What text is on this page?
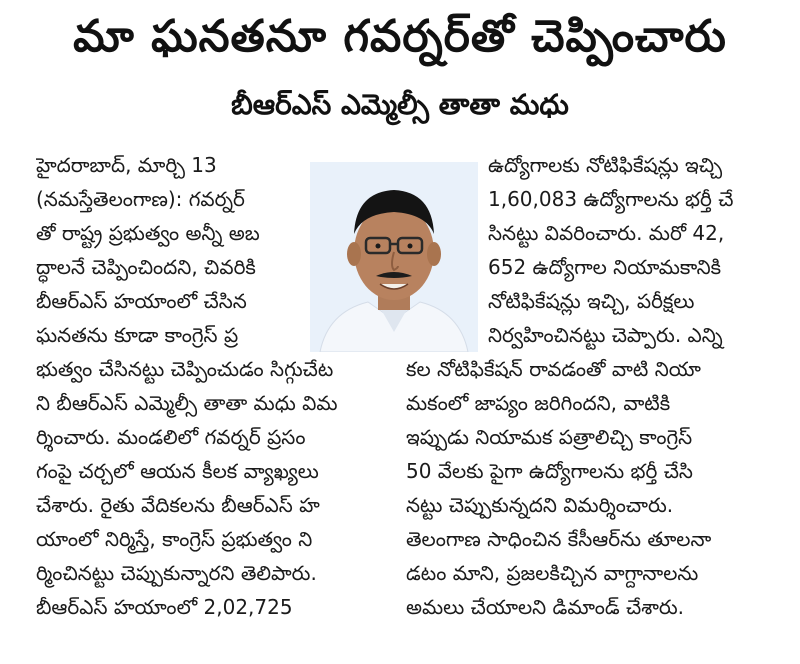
మా ఘనతనూ గవర్నర్‌తో చెప్పించారు
బీఆర్‌ఎస్‌ ఎమ్మెల్సీ తాతా మధు
హైదరాబాద్‌, మార్చి 13
(నమస్తేతెలంగాణ): గవర్నర్‌
తో రాష్ట్ర ప్రభుత్వం అన్నీ అబ
ద్ధాలనే చెప్పించిందని, చివరికి
బీఆర్‌ఎస్‌ హయాంలో చేసిన
ఘనతను కూడా కాంగ్రెస్‌ ప్ర
భుత్వం చేసినట్టు చెప్పించుడం సిగ్గుచేట
ని బీఆర్‌ఎస్‌ ఎమ్మెల్సీ తాతా మధు విమ
ర్శించారు. మండలిలో గవర్నర్‌ ప్రసం
గంపై చర్చలో ఆయన కీలక వ్యాఖ్యలు
చేశారు. రైతు వేదికలను బీఆర్‌ఎస్‌ హ
యాంలో నిర్మిస్తే, కాంగ్రెస్‌ ప్రభుత్వం ని
ర్మించినట్టు చెప్పుకున్నారని తెలిపారు.
బీఆర్‌ఎస్‌ హయాంలో 2,02,725
ఉద్యోగాలకు నోటిఫికేషన్లు ఇచ్చి
1,60,083 ఉద్యోగాలను భర్తీ చే
సినట్టు వివరించారు. మరో 42,
652 ఉద్యోగాల నియామకానికి
నోటిఫికేషన్లు ఇచ్చి, పరీక్షలు
నిర్వహించినట్టు చెప్పారు. ఎన్ని
కల నోటిఫికేషన్‌ రావడంతో వాటి నియా
మకంలో జాప్యం జరిగిందని, వాటికి
ఇప్పుడు నియామక పత్రాలిచ్చి కాంగ్రెస్‌
50 వేలకు పైగా ఉద్యోగాలను భర్తీ చేసి
నట్టు చెప్పుకున్నదని విమర్శించారు.
తెలంగాణ సాధించిన కేసీఆర్‌ను తూలనా
డటం మాని, ప్రజలకిచ్చిన వాగ్దానాలను
అమలు చేయాలని డిమాండ్‌ చేశారు.
